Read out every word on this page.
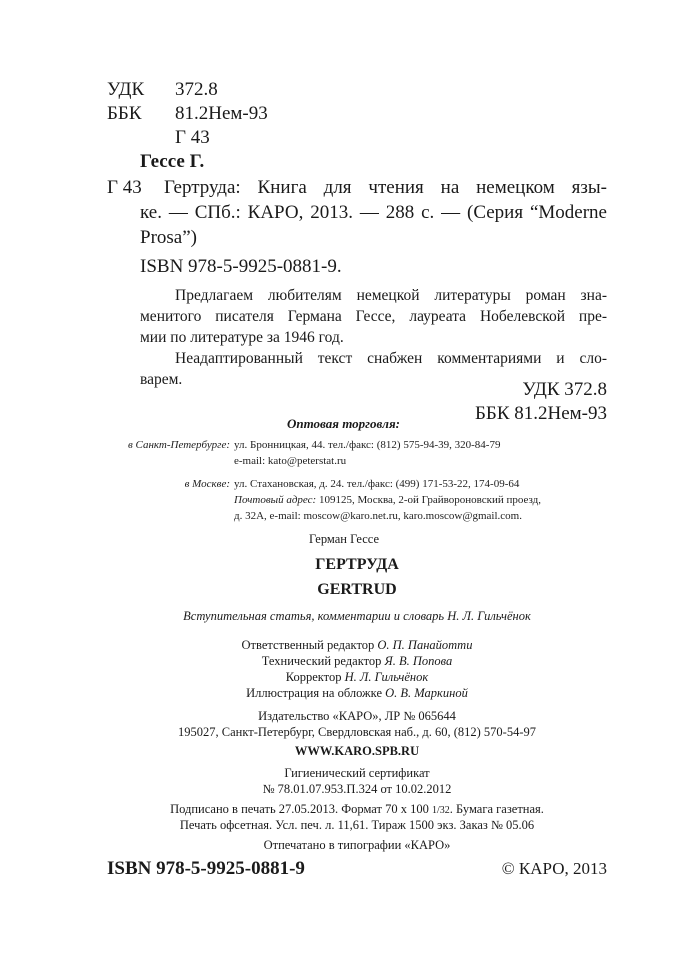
УДК	372.8
ББК	81.2Нем-93
Г 43
Гессе Г.
Г 43 Гертруда: Книга для чтения на немецком язы-
ке. — СПб.: КАРО, 2013. — 288 с. — (Серия “Moderne
Prosa”)
ISBN 978-5-9925-0881-9.
Предлагаем любителям немецкой литературы роман зна-
менитого писателя Германа Гессе, лауреата Нобелевской пре-
мии по литературе за 1946 год.
Неадаптированный текст снабжен комментариями и сло-
варем.	УДК 372.8
ББК 81.2Нем-93
Оптовая торговля:
в Санкт-Петербурге: ул. Бронницкая, 44. тел./факс: (812) 575-94-39, 320-84-79
e-mail: kato@peterstat.ru
в Москве: ул. Стахановская, д. 24. тел./факс: (499) 171-53-22, 174-09-64
Почтовый адрес: 109125, Москва, 2-ой Грайвороновский проезд,
д. 32А, e-mail: moscow@karo.net.ru, karo.moscow@gmail.com.
Герман Гессе
ГЕРТРУДА
GERTRUD
Вступительная статья, комментарии и словарь Н. Л. Гильчёнок
Ответственный редактор О. П. Панайотти
Технический редактор Я. В. Попова
Корректор Н. Л. Гильчёнок
Иллюстрация на обложке О. В. Маркиной
Издательство «КАРО», ЛР № 065644
195027, Санкт-Петербург, Свердловская наб., д. 60, (812) 570-54-97
WWW.KARO.SPB.RU
Гигиенический сертификат
№ 78.01.07.953.П.324 от 10.02.2012
Подписано в печать 27.05.2013. Формат 70 х 100 1/32. Бумага газетная.
Печать офсетная. Усл. печ. л. 11,61. Тираж 1500 экз. Заказ № 05.06
Отпечатано в типографии «КАРО»
ISBN 978-5-9925-0881-9	© КАРО, 2013
